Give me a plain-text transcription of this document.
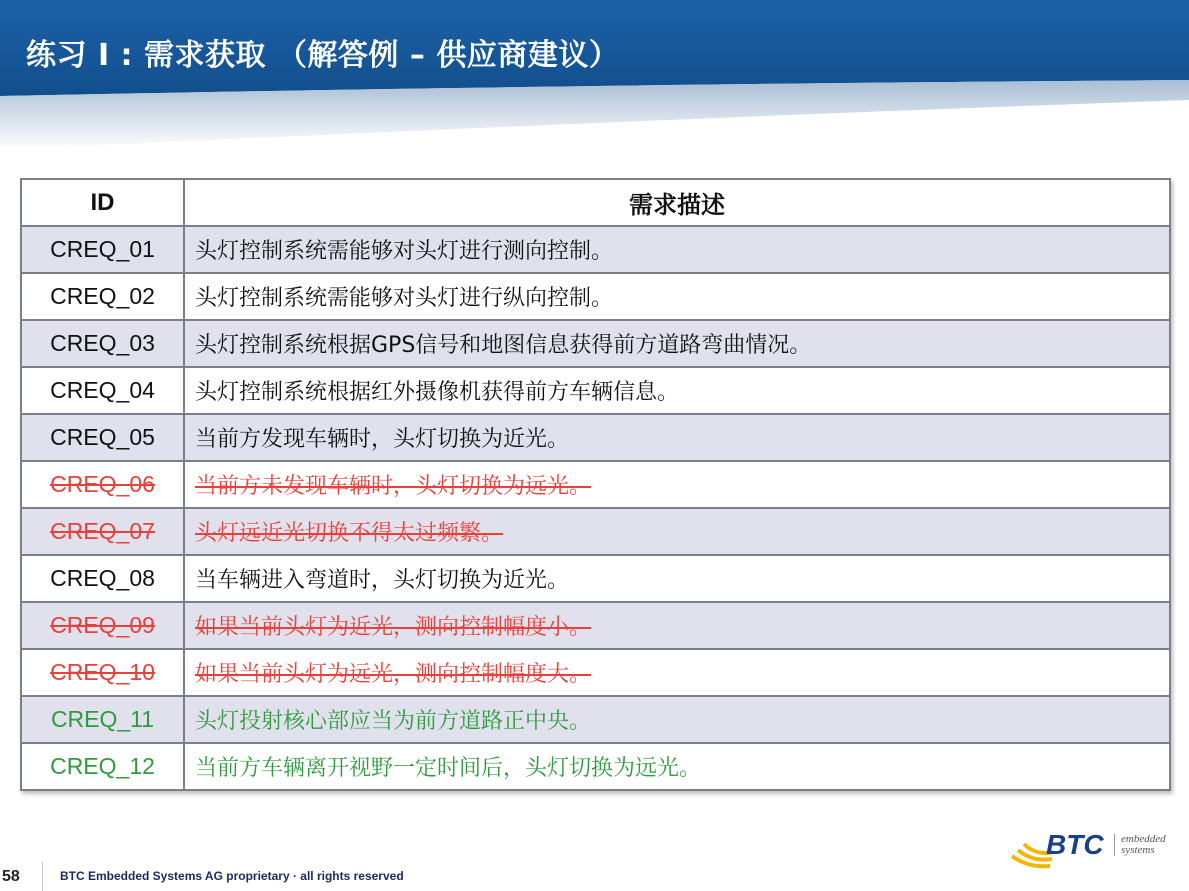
练习 I : 需求获取 （解答例 – 供应商建议）
ID	需求描述
CREQ_01	头灯控制系统需能够对头灯进行测向控制。
CREQ_02	头灯控制系统需能够对头灯进行纵向控制。
CREQ_03	头灯控制系统根据GPS信号和地图信息获得前方道路弯曲情况。
CREQ_04	头灯控制系统根据红外摄像机获得前方车辆信息。
CREQ_05	当前方发现车辆时，头灯切换为近光。
CREQ_06	当前方未发现车辆时，头灯切换为远光。
CREQ_07	头灯远近光切换不得太过频繁。
CREQ_08	当车辆进入弯道时，头灯切换为近光。
CREQ_09	如果当前头灯为近光，测向控制幅度小。
CREQ_10	如果当前头灯为远光，测向控制幅度大。
CREQ_11	头灯投射核心部应当为前方道路正中央。
CREQ_12	当前方车辆离开视野一定时间后，头灯切换为远光。
58	BTC Embedded Systems AG proprietary · all rights reserved
BTC embedded
systems
